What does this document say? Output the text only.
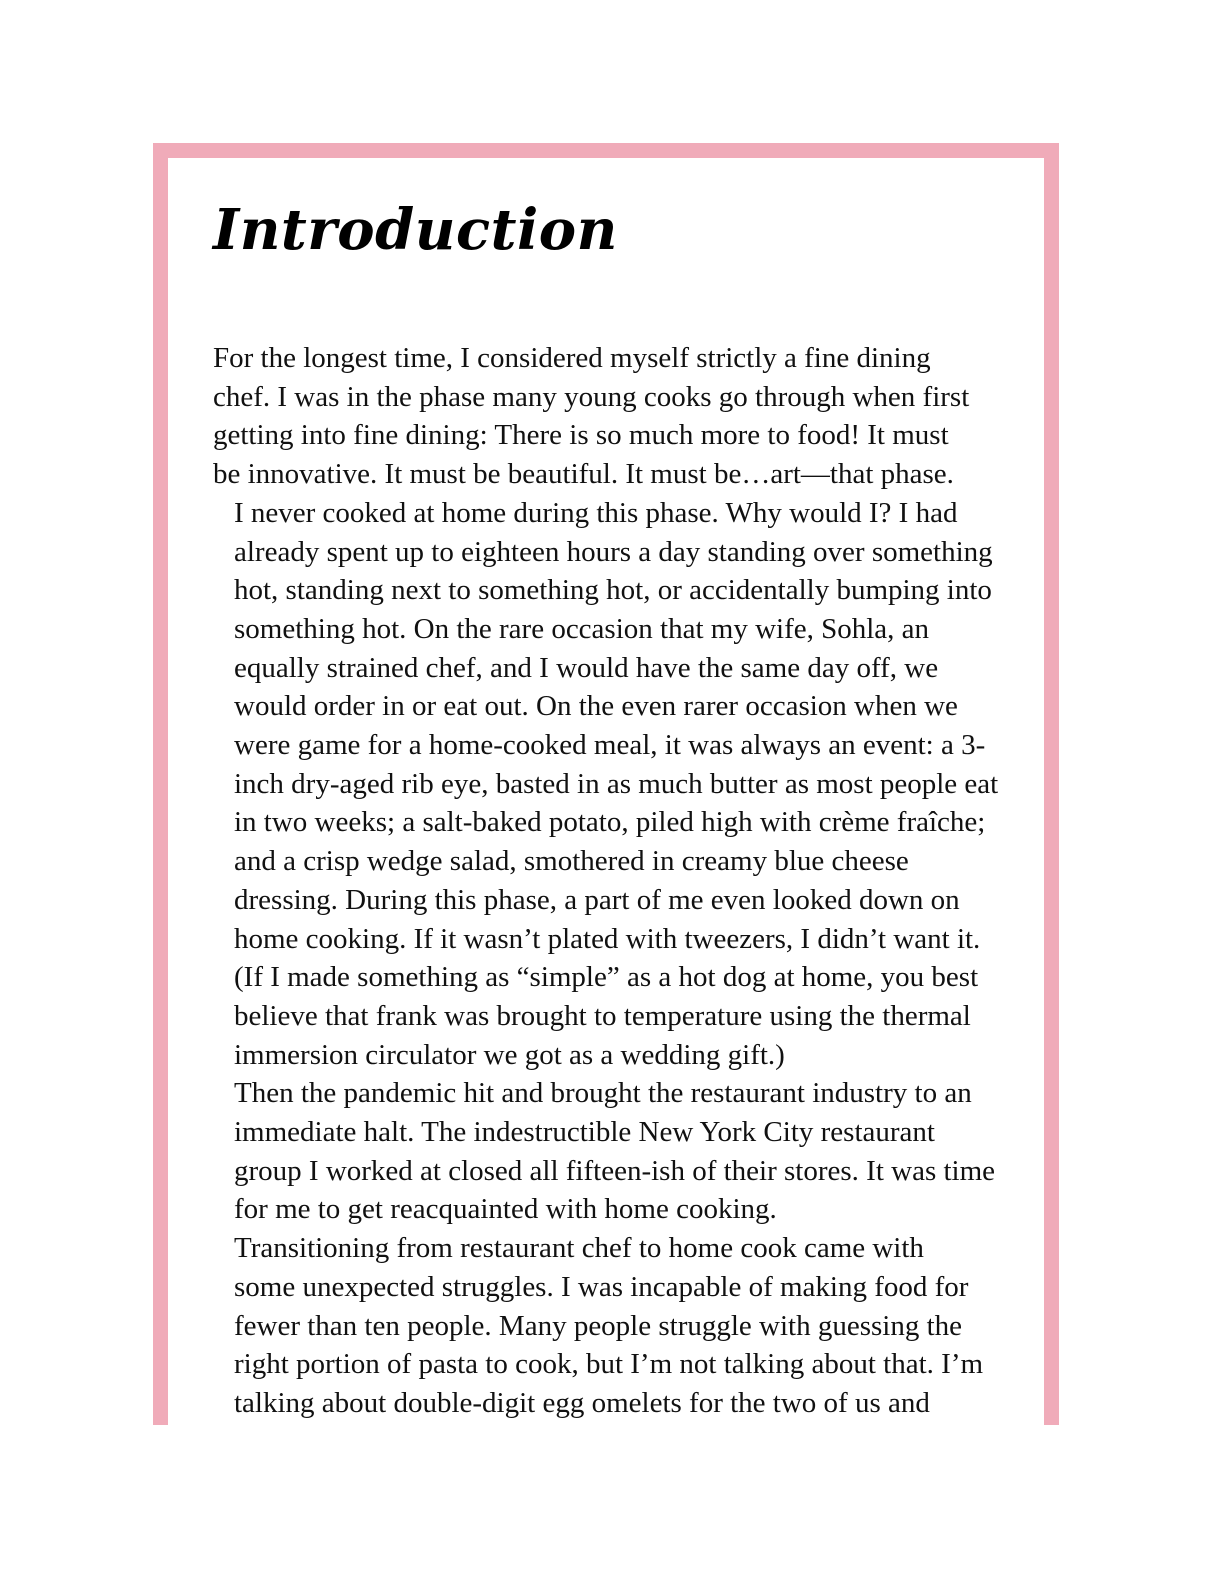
Introduction
For the longest time, I considered myself strictly a fine dining
chef. I was in the phase many young cooks go through when first
getting into fine dining: There is so much more to food! It must
be innovative. It must be beautiful. It must be…art—that phase.
I never cooked at home during this phase. Why would I? I had
already spent up to eighteen hours a day standing over something
hot, standing next to something hot, or accidentally bumping into
something hot. On the rare occasion that my wife, Sohla, an
equally strained chef, and I would have the same day off, we
would order in or eat out. On the even rarer occasion when we
were game for a home-cooked meal, it was always an event: a 3-
inch dry-aged rib eye, basted in as much butter as most people eat
in two weeks; a salt-baked potato, piled high with crème fraîche;
and a crisp wedge salad, smothered in creamy blue cheese
dressing. During this phase, a part of me even looked down on
home cooking. If it wasn’t plated with tweezers, I didn’t want it.
(If I made something as “simple” as a hot dog at home, you best
believe that frank was brought to temperature using the thermal
immersion circulator we got as a wedding gift.)
Then the pandemic hit and brought the restaurant industry to an
immediate halt. The indestructible New York City restaurant
group I worked at closed all fifteen-ish of their stores. It was time
for me to get reacquainted with home cooking.
Transitioning from restaurant chef to home cook came with
some unexpected struggles. I was incapable of making food for
fewer than ten people. Many people struggle with guessing the
right portion of pasta to cook, but I’m not talking about that. I’m
talking about double-digit egg omelets for the two of us and
